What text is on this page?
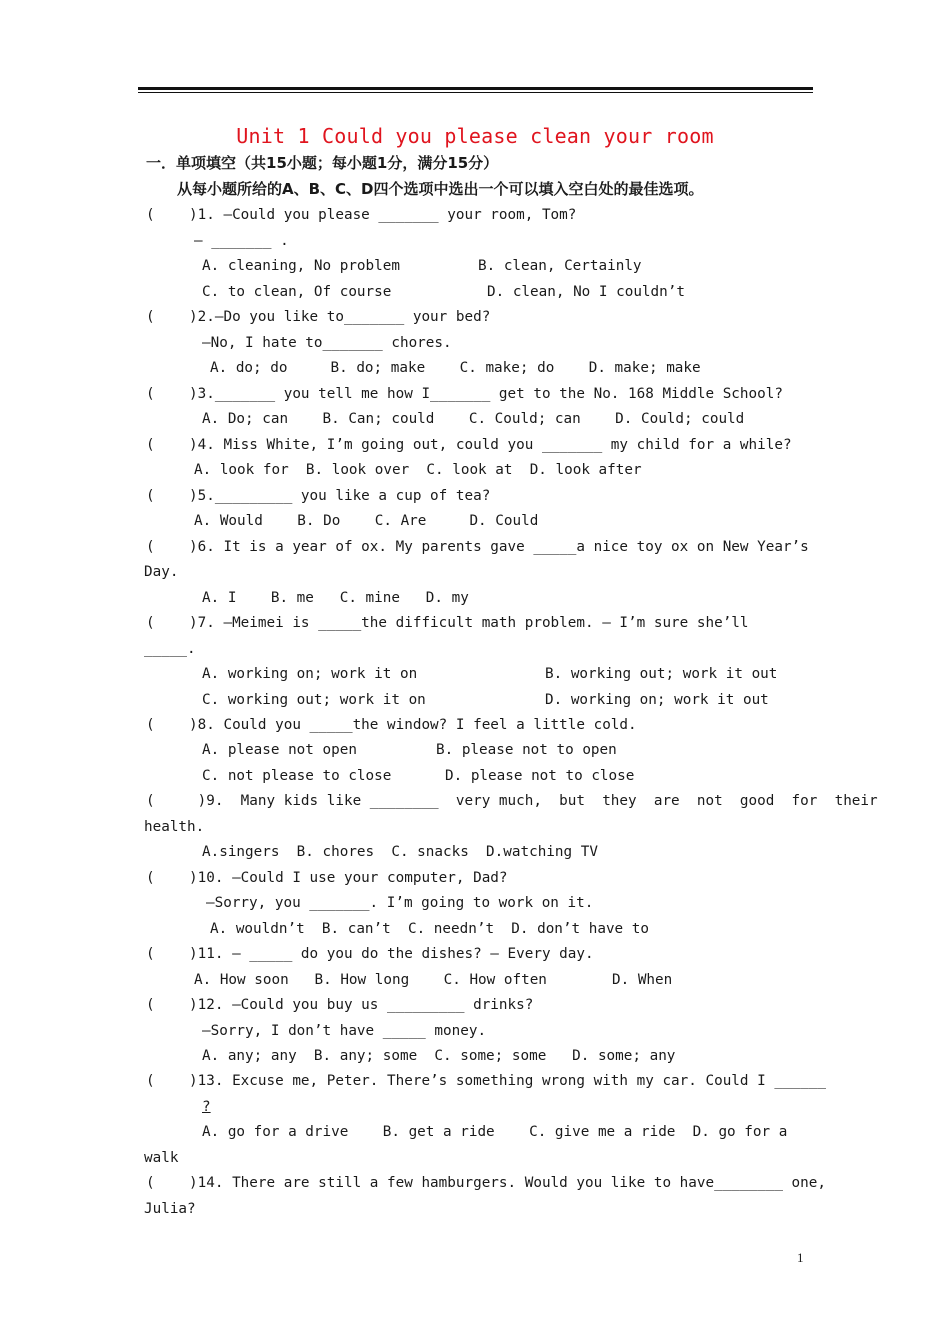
Unit 1 Could you please clean your room
一．单项填空（共15小题；每小题1分，满分15分）
从每小题所给的A、B、C、D四个选项中选出一个可以填入空白处的最佳选项。
(    )1. —Could you please _______ your room, Tom?
— _______ .
A. cleaning, No problem	B. clean, Certainly
C. to clean, Of course	D. clean, No I couldn’t
(    )2.—Do you like to_______ your bed?
—No, I hate to_______ chores.
A. do; do     B. do; make    C. make; do    D. make; make
(    )3._______ you tell me how I_______ get to the No. 168 Middle School?
A. Do; can    B. Can; could    C. Could; can    D. Could; could
(    )4. Miss White, I’m going out, could you _______ my child for a while?
A. look for  B. look over  C. look at  D. look after
(    )5._________ you like a cup of tea?
A. Would    B. Do    C. Are     D. Could
(    )6. It is a year of ox. My parents gave _____a nice toy ox on New Year’s
Day.
A. I    B. me   C. mine   D. my
(    )7. —Meimei is _____the difficult math problem. — I’m sure she’ll
_____.
A. working on; work it on	B. working out; work it out
C. working out; work it on	D. working on; work it out
(    )8. Could you _____the window? I feel a little cold.
A. please not open	B. please not to open
C. not please to close	D. please not to close
(     )9.  Many kids like ________  very much,  but  they  are  not  good  for  their
health.
A.singers  B. chores  C. snacks  D.watching TV
(    )10. —Could I use your computer, Dad?
—Sorry, you _______. I’m going to work on it.
A. wouldn’t  B. can’t  C. needn’t  D. don’t have to
(    )11. — _____ do you do the dishes? — Every day.
A. How soon   B. How long    C. How often	D. When
(    )12. —Could you buy us _________ drinks?
—Sorry, I don’t have _____ money.
A. any; any  B. any; some  C. some; some   D. some; any
(    )13. Excuse me, Peter. There’s something wrong with my car. Could I ______
?
A. go for a drive    B. get a ride    C. give me a ride  D. go for a
walk
(    )14. There are still a few hamburgers. Would you like to have________ one,
Julia?
1
